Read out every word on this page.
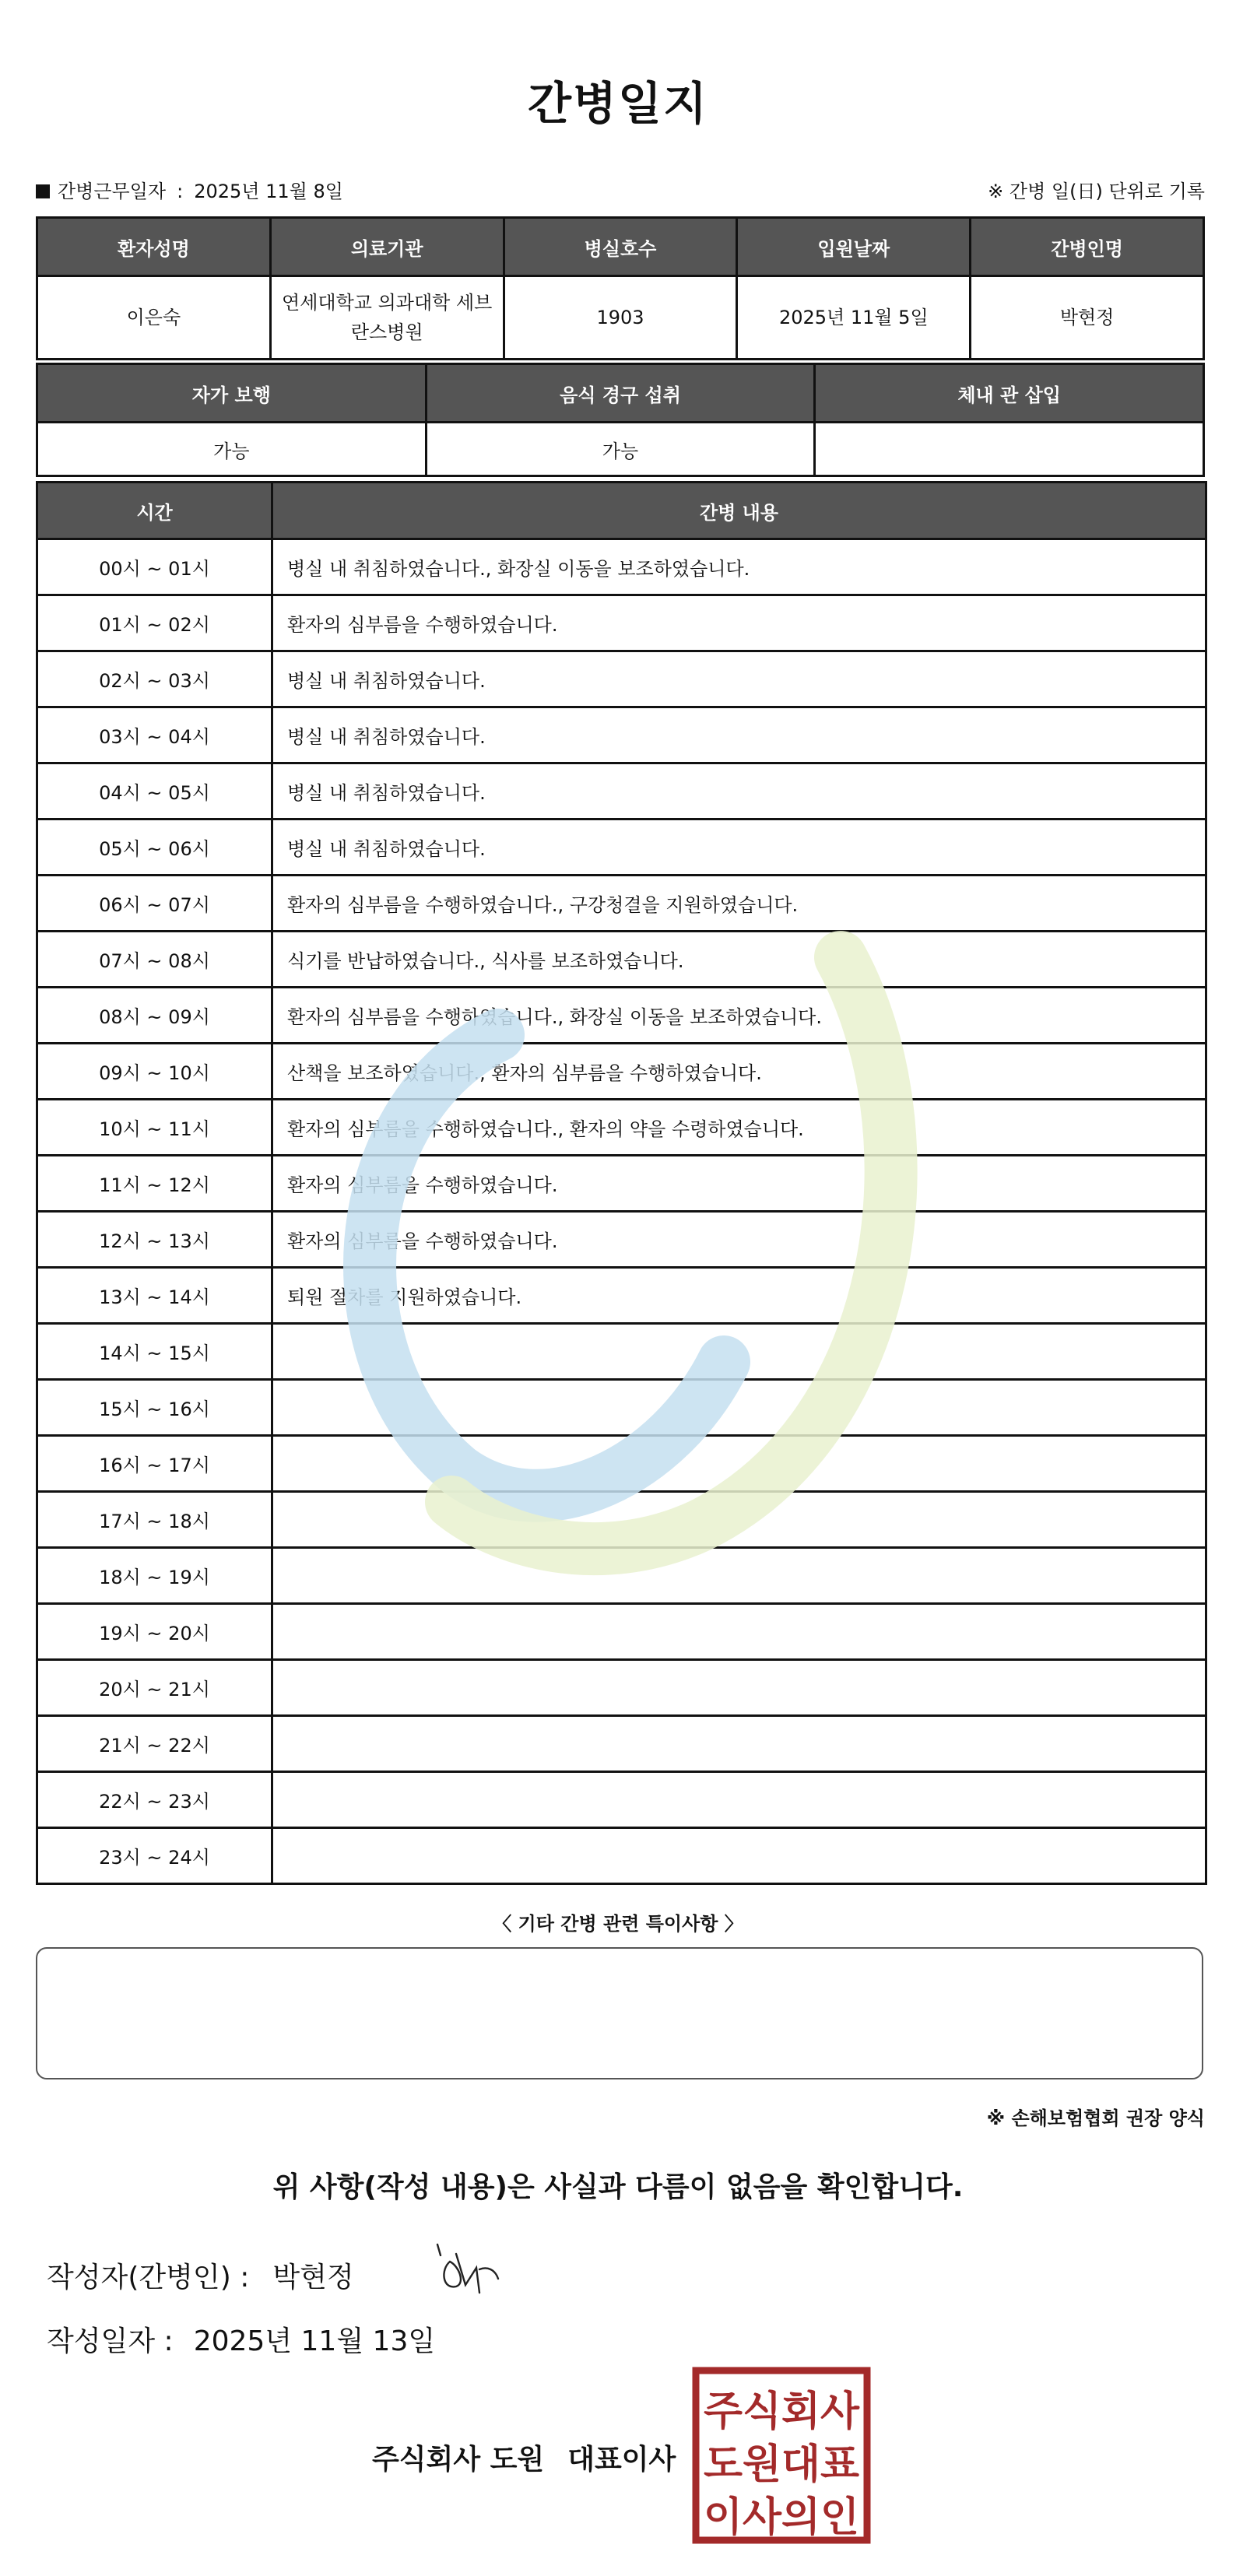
간병일지
간병근무일자 : 2025년 11월 8일	※ 간병 일(日) 단위로 기록
환자성명	의료기관	병실호수	입원날짜	간병인명
이은숙	연세대학교 의과대학 세브란스병원	1903	2025년 11월 5일	박현정
자가 보행	음식 경구 섭취	체내 관 삽입
가능	가능	
시간	간병 내용
00시 ~ 01시	병실 내 취침하였습니다., 화장실 이동을 보조하였습니다.
01시 ~ 02시	환자의 심부름을 수행하였습니다.
02시 ~ 03시	병실 내 취침하였습니다.
03시 ~ 04시	병실 내 취침하였습니다.
04시 ~ 05시	병실 내 취침하였습니다.
05시 ~ 06시	병실 내 취침하였습니다.
06시 ~ 07시	환자의 심부름을 수행하였습니다., 구강청결을 지원하였습니다.
07시 ~ 08시	식기를 반납하였습니다., 식사를 보조하였습니다.
08시 ~ 09시	환자의 심부름을 수행하였습니다., 화장실 이동을 보조하였습니다.
09시 ~ 10시	산책을 보조하였습니다., 환자의 심부름을 수행하였습니다.
10시 ~ 11시	환자의 심부름을 수행하였습니다., 환자의 약을 수령하였습니다.
11시 ~ 12시	환자의 심부름을 수행하였습니다.
12시 ~ 13시	환자의 심부름을 수행하였습니다.
13시 ~ 14시	퇴원 절차를 지원하였습니다.
14시 ~ 15시	
15시 ~ 16시	
16시 ~ 17시	
17시 ~ 18시	
18시 ~ 19시	
19시 ~ 20시	
20시 ~ 21시	
21시 ~ 22시	
22시 ~ 23시	
23시 ~ 24시	
〈 기타 간병 관련 특이사항 〉
※ 손해보험협회 권장 양식
위 사항(작성 내용)은 사실과 다름이 없음을 확인합니다.
작성자(간병인) : 박현정
작성일자 : 2025년 11월 13일
주식회사 도원 대표이사
주식회사
도원대표
이사의인
